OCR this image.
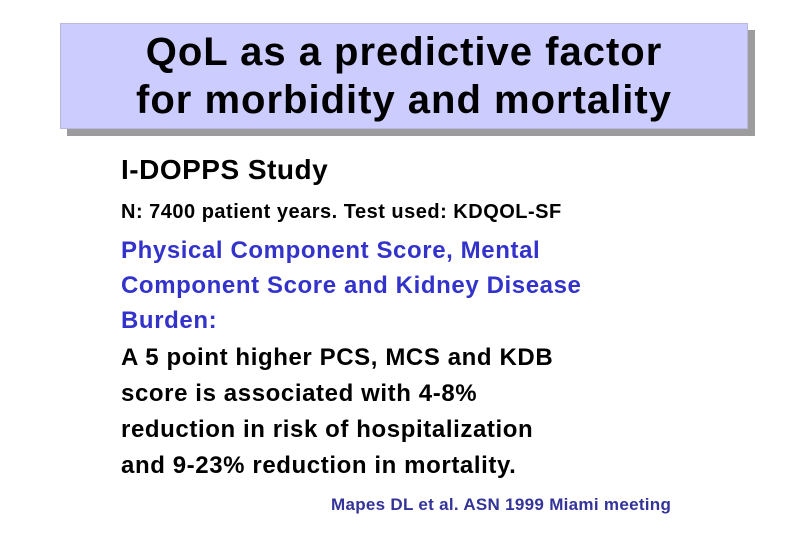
QoL as a predictive factor
for morbidity and mortality
I-DOPPS Study
N: 7400 patient years. Test used: KDQOL-SF
Physical Component Score, Mental
Component Score and Kidney Disease
Burden:
A 5 point higher PCS, MCS and KDB
score is associated with 4-8%
reduction in risk of hospitalization
and 9-23% reduction in mortality.
Mapes DL et al. ASN 1999 Miami meeting
